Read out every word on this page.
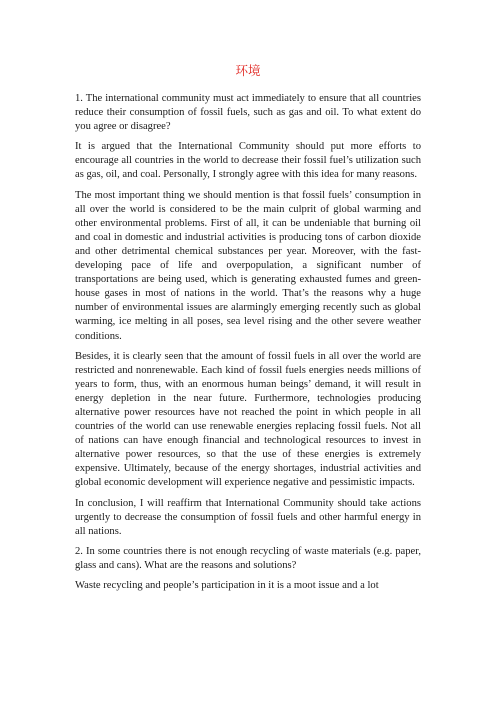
环境

1. The international community must act immediately to ensure that all countries reduce their consumption of fossil fuels, such as gas and oil. To what extent do you agree or disagree?

It is argued that the International Community should put more efforts to encourage all countries in the world to decrease their fossil fuel’s utilization such as gas, oil, and coal. Personally, I strongly agree with this idea for many reasons.

The most important thing we should mention is that fossil fuels’ consumption in all over the world is considered to be the main culprit of global warming and other environmental problems. First of all, it can be undeniable that burning oil and coal in domestic and industrial activities is producing tons of carbon dioxide and other detrimental chemical substances per year. Moreover, with the fast-developing pace of life and overpopulation, a significant number of transportations are being used, which is generating exhausted fumes and green-house gases in most of nations in the world. That’s the reasons why a huge number of environmental issues are alarmingly emerging recently such as global warming, ice melting in all poses, sea level rising and the other severe weather conditions.

Besides, it is clearly seen that the amount of fossil fuels in all over the world are restricted and nonrenewable. Each kind of fossil fuels energies needs millions of years to form, thus, with an enormous human beings’ demand, it will result in energy depletion in the near future. Furthermore, technologies producing alternative power resources have not reached the point in which people in all countries of the world can use renewable energies replacing fossil fuels. Not all of nations can have enough financial and technological resources to invest in alternative power resources, so that the use of these energies is extremely expensive. Ultimately, because of the energy shortages, industrial activities and global economic development will experience negative and pessimistic impacts.

In conclusion, I will reaffirm that International Community should take actions urgently to decrease the consumption of fossil fuels and other harmful energy in all nations.

2. In some countries there is not enough recycling of waste materials (e.g. paper, glass and cans). What are the reasons and solutions?

Waste recycling and people’s participation in it is a moot issue and a lot
